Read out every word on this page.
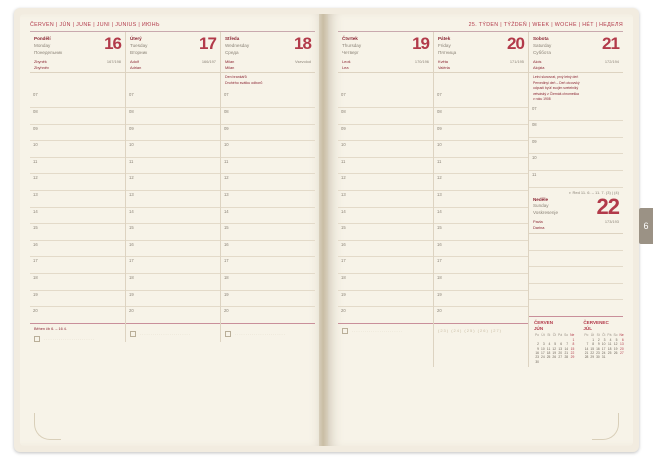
ČERVEN | JÚN | JUNE | JUNI | JUNIUS | ИЮНЬ
Pondělí
Monday
Понедельник 16
Zbyněk
Zbyhněv
167/198
07
08
09
10
11
12
13
14
15
16
17
18
19
20
Běhen čb 6. – 16 4.
........................
Úterý
Tuesday
Вторник	17
Adolf
Adrian
166/197
07
08
09
10
11
12
13
14
15
16
17
18
19
20
........................
Středa
Wednesday
Среда	18
Milan
Milan
Vsevolod
Den brankářů
Druhého svátku odborů
07
08
09
10
11
12
13
14
15
16
17
18
19
20
........................
25. TÝDEN | TÝŽDEŇ | WEEK | WOCHE | HÉT | НЕДЕЛЯ
Čtvrtek
Thursday
Четверг	19
Leoš
Lea
170/196
07
08
09
10
11
12
13
14
15
16
17
18
19
20
........................
Pátek
Friday
Пятница	20
Květa
Valéria
171/195
07
08
09
10
11
12
13
14
15
16
17
18
19
20
(23) (24) (25) (26) (27)
Sobota
Saturday
Суббота	21
Alois
Alojzia
172/194
Letní slunovrat, prvý letný deň
Pervedlnyi deň – Deň otcovský
odpustí byúť svojim svetelniký
vetváský z Čiernáš chromeška
v roku 1908
07
08
09
10
11
◗ Red 11. 6. – 11. 7. (3) | (4)
Neděle
Sunday
Voskresenje 22
Pavla
Darina
173/193
ČERVEN
JÚN
Po	Út	St	Čt	Pá	So	Ne
						1
2	3	4	5	6	7	8
9	10	11	12	13	14	15
16	17	18	19	20	21	22
23	24	25	26	27	28	29
30						
ČERVENEC
JÚL
Po	Út	St	Čt	Pá	So	Ne
	1	2	3	4	5	6
7	8	9	10	11	12	13
14	15	16	17	18	19	20
21	22	23	24	25	26	27
28	29	30	31			
6
